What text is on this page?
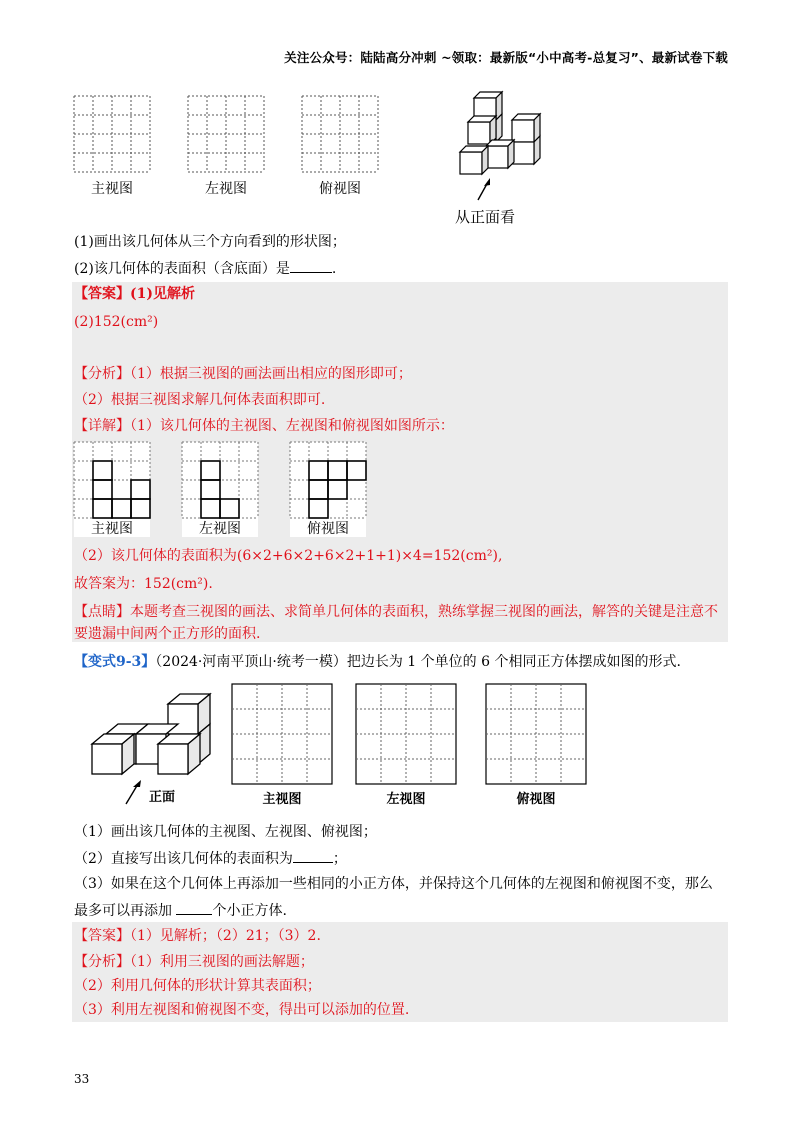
关注公众号：陆陆高分冲刺 ~领取：最新版“小中高考-总复习”、最新试卷下载
主视图	左视图	俯视图
从正面看
(1)画出该几何体从三个方向看到的形状图；
(2)该几何体的表面积（含底面）是	.
【答案】(1)见解析
(2)152(cm²)
【分析】（1）根据三视图的画法画出相应的图形即可；
（2）根据三视图求解几何体表面积即可.
【详解】（1）该几何体的主视图、左视图和俯视图如图所示：
主视图	左视图	俯视图
（2）该几何体的表面积为(6×2+6×2+6×2+1+1)×4=152(cm²),
故答案为：152(cm²).
【点睛】本题考查三视图的画法、求简单几何体的表面积，熟练掌握三视图的画法，解答的关键是注意不
要遗漏中间两个正方形的面积.
【变式9-3】（2024·河南平顶山·统考一模）把边长为 1 个单位的 6 个相同正方体摆成如图的形式.
正面	主视图	左视图	俯视图
（1）画出该几何体的主视图、左视图、俯视图；
（2）直接写出该几何体的表面积为	；
（3）如果在这个几何体上再添加一些相同的小正方体，并保持这个几何体的左视图和俯视图不变，那么
最多可以再添加	个小正方体.
【答案】（1）见解析；（2）21；（3）2.
【分析】（1）利用三视图的画法解题；
（2）利用几何体的形状计算其表面积；
（3）利用左视图和俯视图不变，得出可以添加的位置.
33
